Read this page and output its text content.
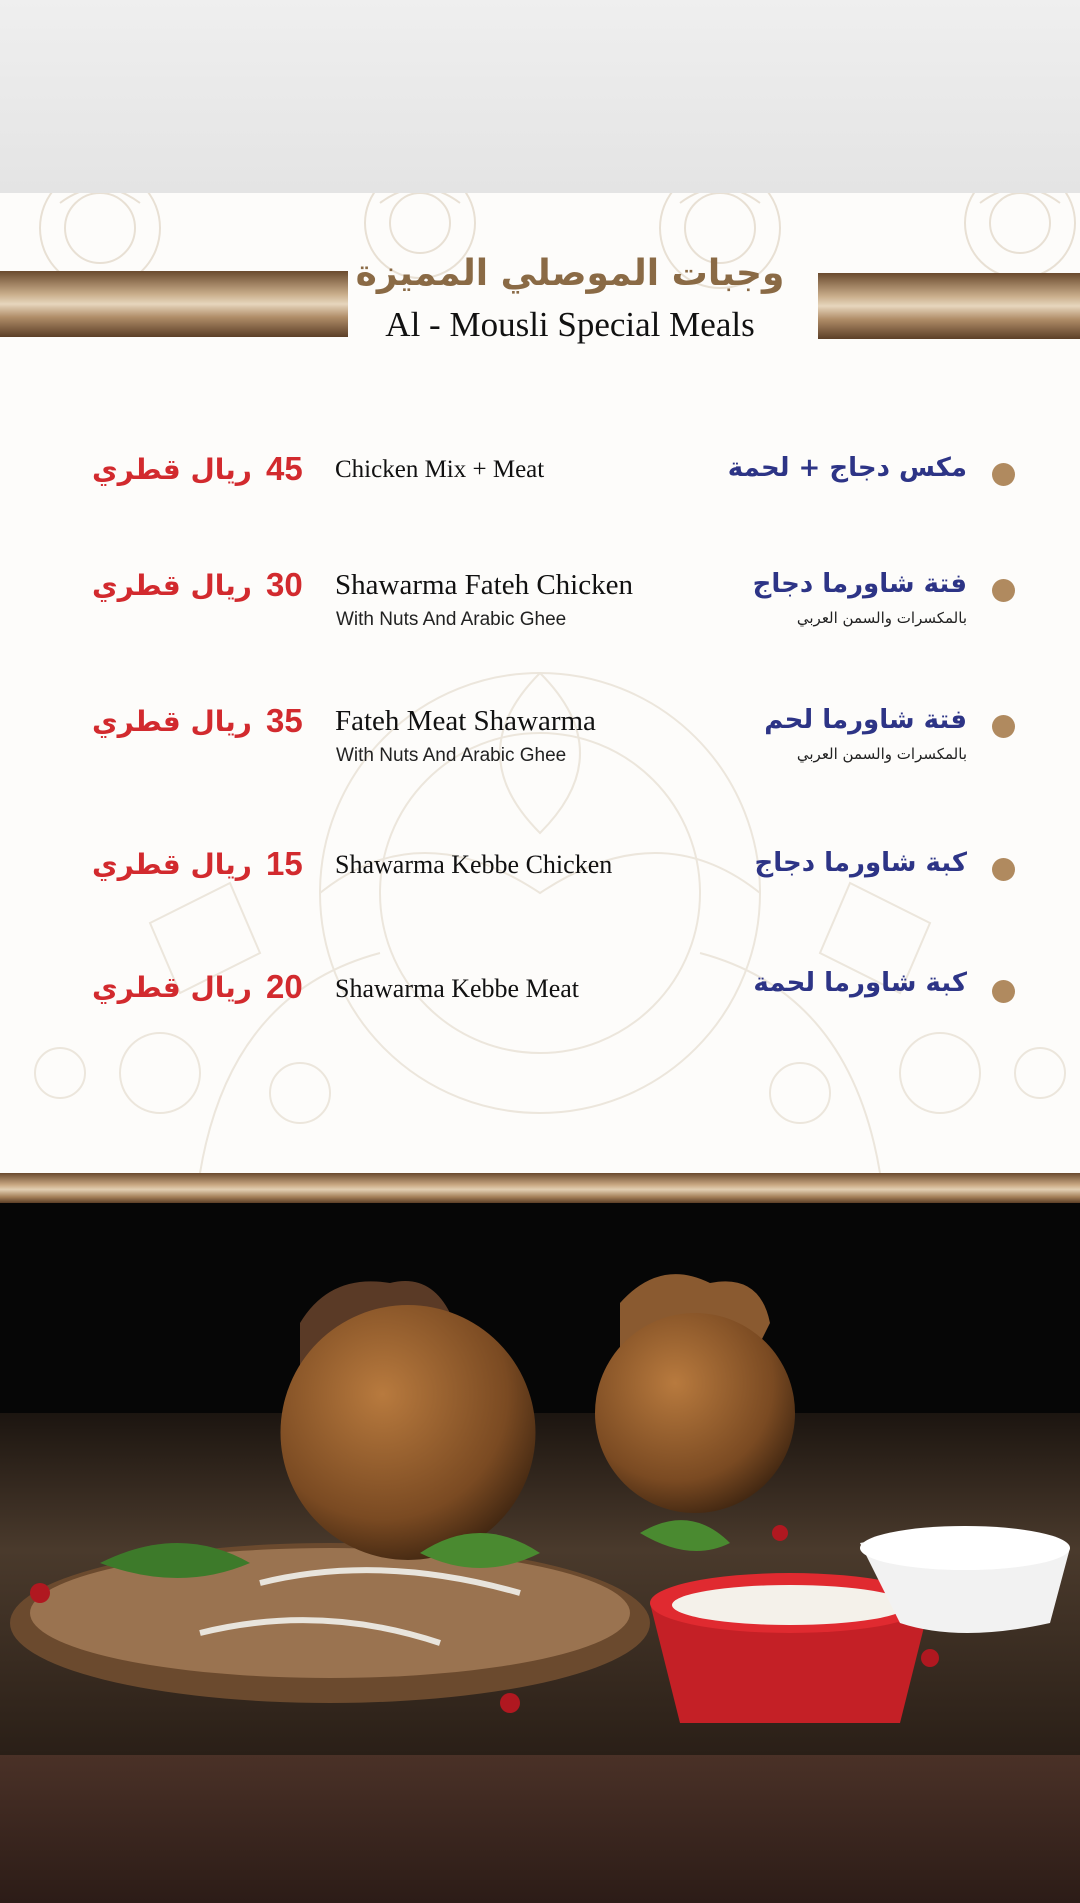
وجبات الموصلي المميزة
Al - Mousli Special Meals
مكس دجاج + لحمة
Chicken Mix + Meat
45
ريال قطري
فتة شاورما دجاج
بالمكسرات والسمن العربي
Shawarma Fateh Chicken
With Nuts And Arabic Ghee
30
ريال قطري
فتة شاورما لحم
بالمكسرات والسمن العربي
Fateh Meat Shawarma
With Nuts And Arabic Ghee
35
ريال قطري
كبة شاورما دجاج
Shawarma Kebbe Chicken
15
ريال قطري
كبة شاورما لحمة
Shawarma Kebbe Meat
20
ريال قطري
